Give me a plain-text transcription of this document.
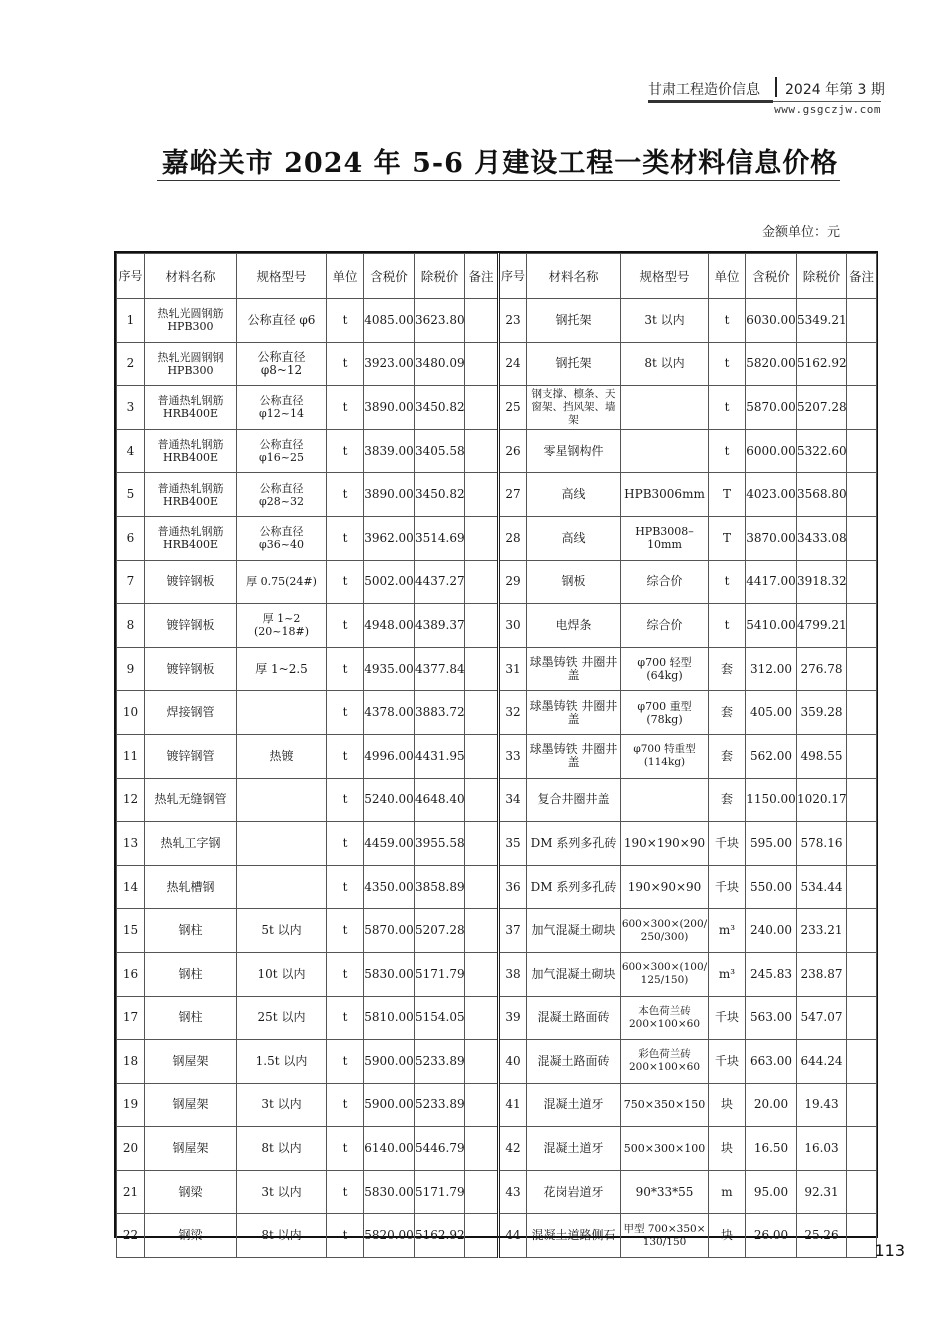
甘肃工程造价信息 2024 年第 3 期
www.gsgczjw.com
嘉峪关市 2024 年 5-6 月建设工程一类材料信息价格
金额单位：元
序号	材料名称	规格型号	单位	含税价	除税价	备注	序号	材料名称	规格型号	单位	含税价	除税价	备注
1	热轧光圆钢筋 HPB300	公称直径 φ6	t	4085.00	3623.80		23	钢托架	3t 以内	t	6030.00	5349.21	
2	热轧光圆钢钢 HPB300	公称直径 φ8~12	t	3923.00	3480.09		24	钢托架	8t 以内	t	5820.00	5162.92	
3	普通热轧钢筋 HRB400E	公称直径 φ12~14	t	3890.00	3450.82		25	钢支撑、檩条、天窗架、挡风架、墙架		t	5870.00	5207.28	
4	普通热轧钢筋 HRB400E	公称直径 φ16~25	t	3839.00	3405.58		26	零星钢构件		t	6000.00	5322.60	
5	普通热轧钢筋 HRB400E	公称直径 φ28~32	t	3890.00	3450.82		27	高线	HPB3006mm	T	4023.00	3568.80	
6	普通热轧钢筋 HRB400E	公称直径 φ36~40	t	3962.00	3514.69		28	高线	HPB3008–10mm	T	3870.00	3433.08	
7	镀锌钢板	厚 0.75(24#)	t	5002.00	4437.27		29	钢板	综合价	t	4417.00	3918.32	
8	镀锌钢板	厚 1~2 (20~18#)	t	4948.00	4389.37		30	电焊条	综合价	t	5410.00	4799.21	
9	镀锌钢板	厚 1~2.5	t	4935.00	4377.84		31	球墨铸铁 井圈井盖	φ700 轻型 (64kg)	套	312.00	276.78	
10	焊接钢管		t	4378.00	3883.72		32	球墨铸铁 井圈井盖	φ700 重型 (78kg)	套	405.00	359.28	
11	镀锌钢管	热镀	t	4996.00	4431.95		33	球墨铸铁 井圈井盖	φ700 特重型 (114kg)	套	562.00	498.55	
12	热轧无缝钢管		t	5240.00	4648.40		34	复合井圈井盖		套	1150.00	1020.17	
13	热轧工字钢		t	4459.00	3955.58		35	DM 系列多孔砖	190×190×90	千块	595.00	578.16	
14	热轧槽钢		t	4350.00	3858.89		36	DM 系列多孔砖	190×90×90	千块	550.00	534.44	
15	钢柱	5t 以内	t	5870.00	5207.28		37	加气混凝土砌块	600×300×(200/ 250/300)	m³	240.00	233.21	
16	钢柱	10t 以内	t	5830.00	5171.79		38	加气混凝土砌块	600×300×(100/ 125/150)	m³	245.83	238.87	
17	钢柱	25t 以内	t	5810.00	5154.05		39	混凝土路面砖	本色荷兰砖 200×100×60	千块	563.00	547.07	
18	钢屋架	1.5t 以内	t	5900.00	5233.89		40	混凝土路面砖	彩色荷兰砖 200×100×60	千块	663.00	644.24	
19	钢屋架	3t 以内	t	5900.00	5233.89		41	混凝土道牙	750×350×150	块	20.00	19.43	
20	钢屋架	8t 以内	t	6140.00	5446.79		42	混凝土道牙	500×300×100	块	16.50	16.03	
21	钢梁	3t 以内	t	5830.00	5171.79		43	花岗岩道牙	90*33*55	m	95.00	92.31	
22	钢梁	8t 以内	t	5820.00	5162.92		44	混凝土道路侧石	甲型 700×350× 130/150	块	26.00	25.26	
113
